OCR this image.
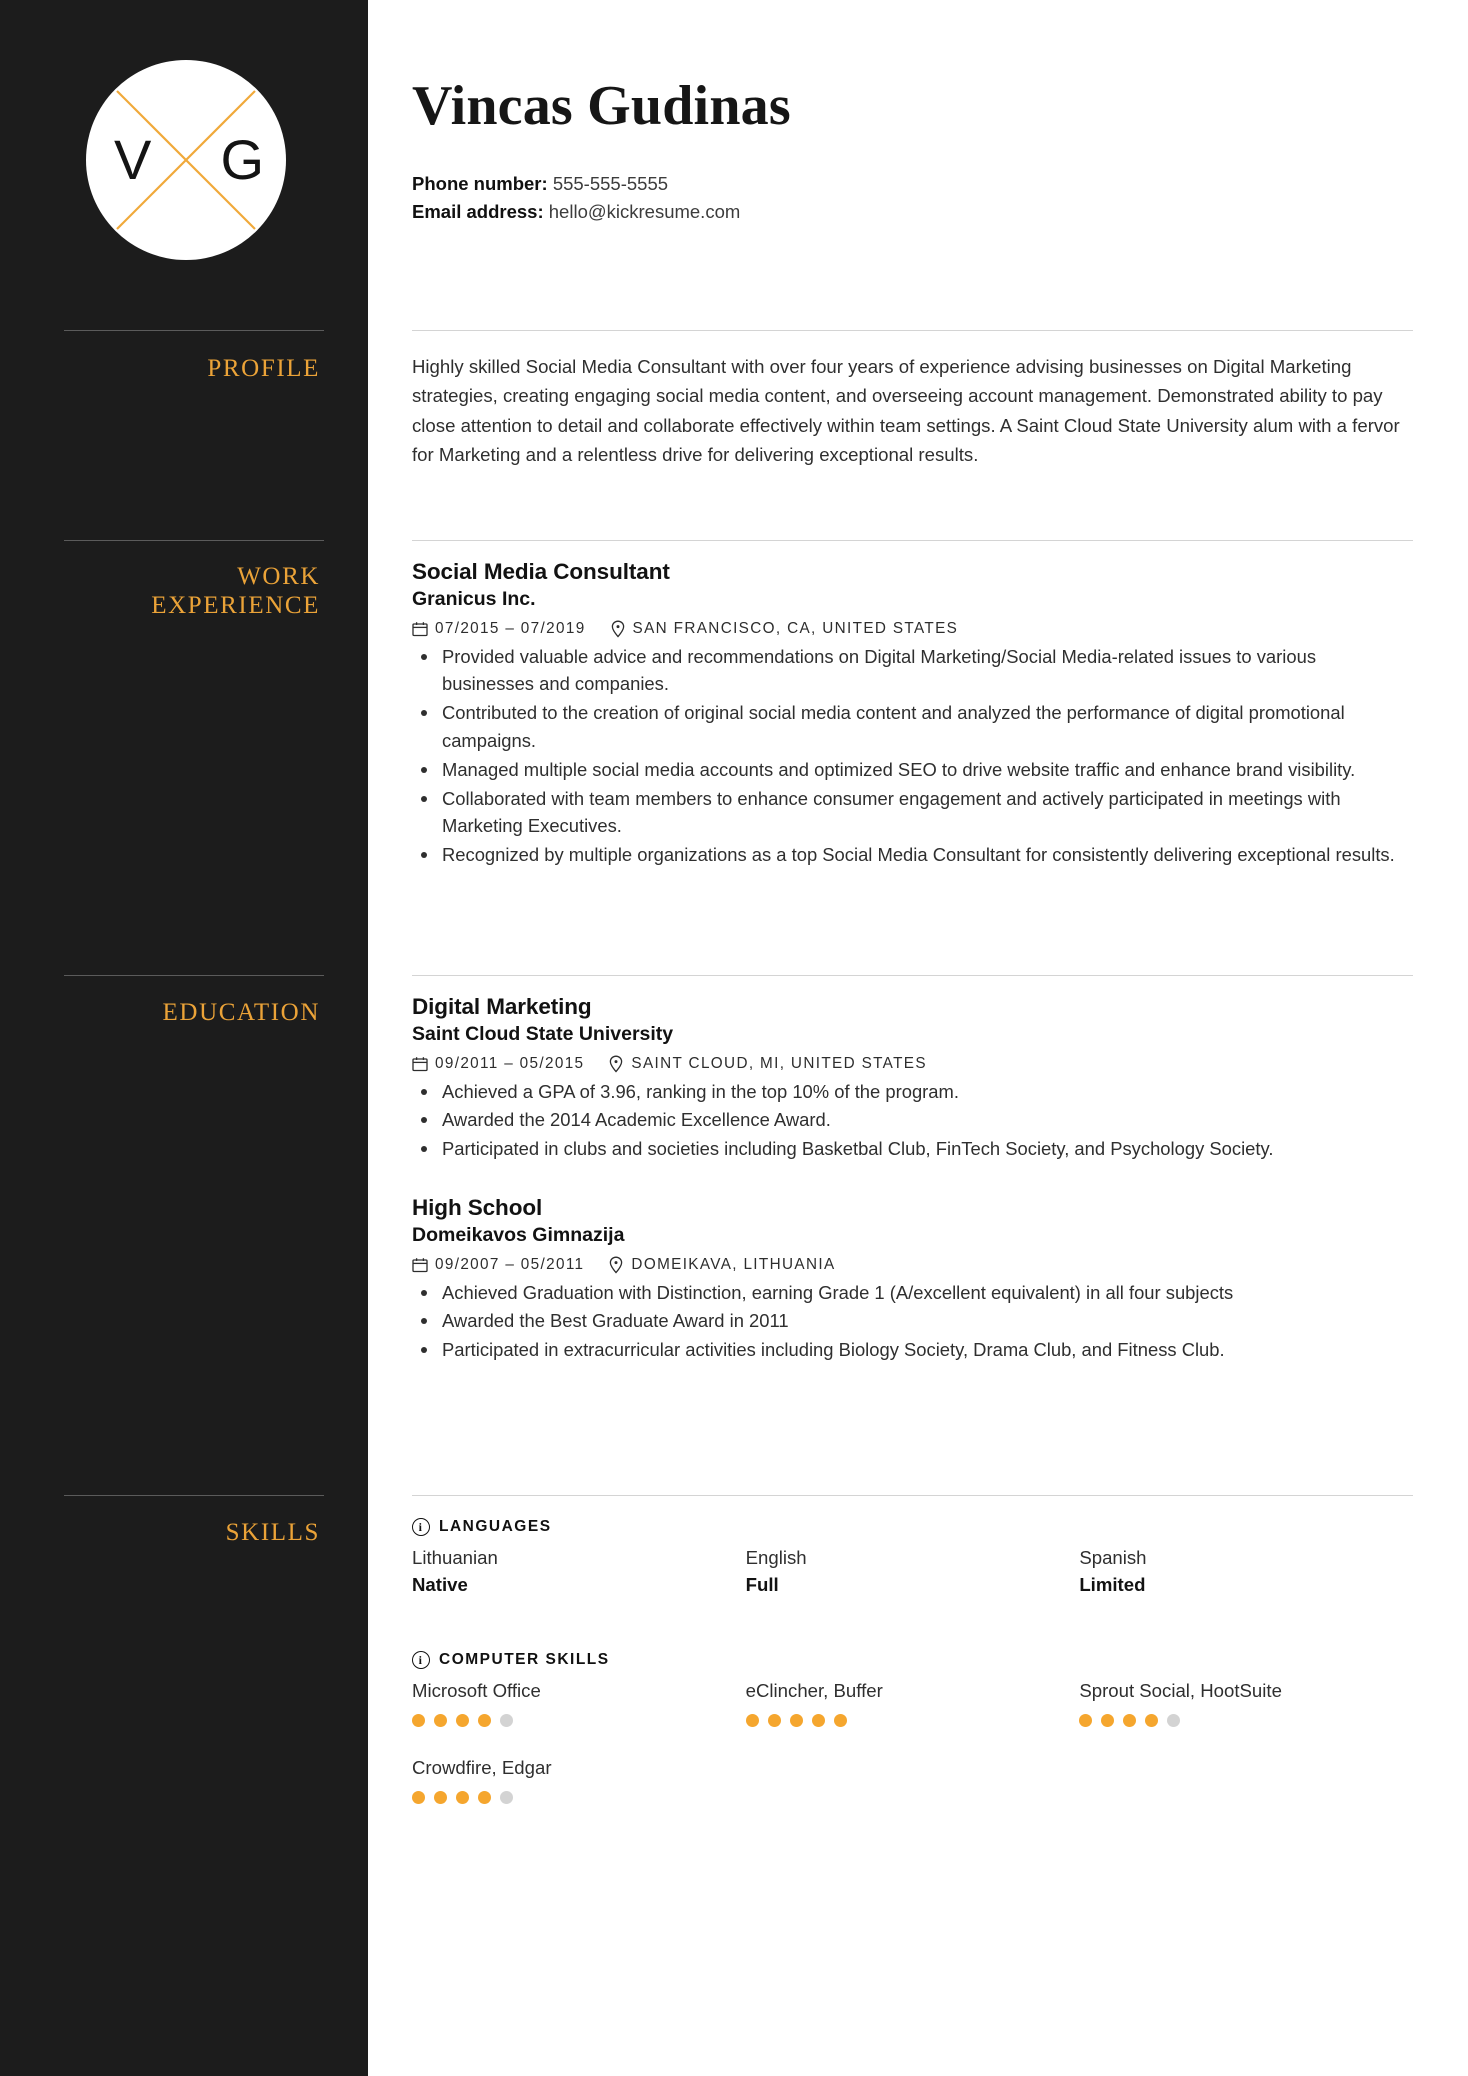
V G
PROFILE
WORK
EXPERIENCE
EDUCATION
SKILLS
Vincas Gudinas
Phone number: 555-555-5555
Email address: hello@kickresume.com

Highly skilled Social Media Consultant with over four years of experience advising businesses on Digital Marketing strategies, creating engaging social media content, and overseeing account management. Demonstrated ability to pay close attention to detail and collaborate effectively within team settings. A Saint Cloud State University alum with a fervor for Marketing and a relentless drive for delivering exceptional results.

Social Media Consultant
Granicus Inc.
07/2015 – 07/2019	SAN FRANCISCO, CA, UNITED STATES
Provided valuable advice and recommendations on Digital Marketing/Social Media-related issues to various businesses and companies.
Contributed to the creation of original social media content and analyzed the performance of digital promotional campaigns.
Managed multiple social media accounts and optimized SEO to drive website traffic and enhance brand visibility.
Collaborated with team members to enhance consumer engagement and actively participated in meetings with Marketing Executives.
Recognized by multiple organizations as a top Social Media Consultant for consistently delivering exceptional results.
Digital Marketing
Saint Cloud State University
09/2011 – 05/2015	SAINT CLOUD, MI, UNITED STATES
Achieved a GPA of 3.96, ranking in the top 10% of the program.
Awarded the 2014 Academic Excellence Award.
Participated in clubs and societies including Basketbal Club, FinTech Society, and Psychology Society.
High School
Domeikavos Gimnazija
09/2007 – 05/2011	DOMEIKAVA, LITHUANIA
Achieved Graduation with Distinction, earning Grade 1 (A/excellent equivalent) in all four subjects
Awarded the Best Graduate Award in 2011
Participated in extracurricular activities including Biology Society, Drama Club, and Fitness Club.
i	LANGUAGES
Lithuanian
Native
English
Full
Spanish
Limited
i	COMPUTER SKILLS
Microsoft Office	eClincher, Buffer	Sprout Social, HootSuite
Crowdfire, Edgar
